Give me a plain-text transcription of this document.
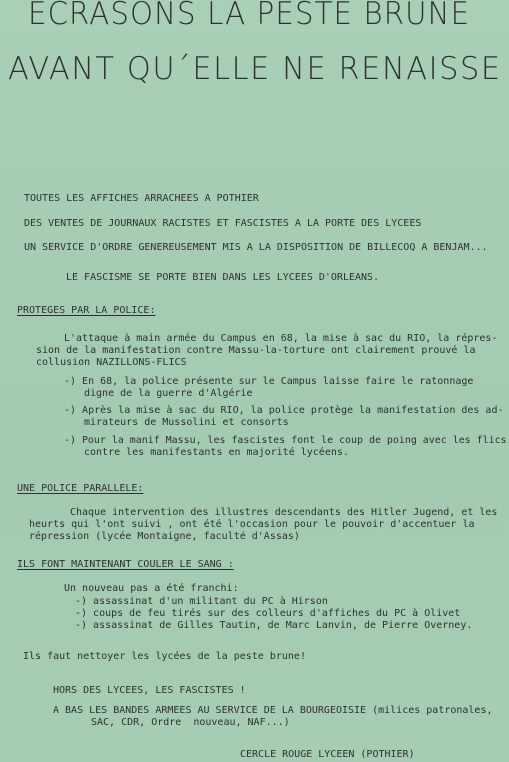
ECRASONS LA PESTE BRUNE
AVANT QU´ELLE NE RENAISSE
TOUTES LES AFFICHES ARRACHEES A POTHIER
DES VENTES DE JOURNAUX RACISTES ET FASCISTES A LA PORTE DES LYCEES
UN SERVICE D'ORDRE GENEREUSEMENT MIS A LA DISPOSITION DE BILLECOQ A BENJAM...
LE FASCISME SE PORTE BIEN DANS LES LYCEES D'ORLEANS.
PROTEGES PAR LA POLICE:
L'attaque à main armée du Campus en 68, la mise à sac du RIO, la répres-
sion de la manifestation contre Massu-la-torture ont clairement prouvé la
collusion NAZILLONS-FLICS
-) En 68, la police présente sur le Campus laisse faire le ratonnage
digne de la guerre d'Algérie
-) Après la mise à sac du RIO, la police protège la manifestation des ad-
mirateurs de Mussolini et consorts
-) Pour la manif Massu, les fascistes font le coup de poing avec les flics
contre les manifestants en majorité lycéens.
UNE POLICE PARALLELE:
Chaque intervention des illustres descendants des Hitler Jugend, et les
heurts qui l'ont suivi , ont été l'occasion pour le pouvoir d'accentuer la
répression (lycée Montaigne, faculté d'Assas)
ILS FONT MAINTENANT COULER LE SANG :
Un nouveau pas a été franchi:
-) assassinat d'un militant du PC à Hirson
-) coups de feu tirés sur des colleurs d'affiches du PC à Olivet
-) assassinat de Gilles Tautin, de Marc Lanvin, de Pierre Overney.
Ils faut nettoyer les lycées de la peste brune!
HORS DES LYCEES, LES FASCISTES !
A BAS LES BANDES ARMEES AU SERVICE DE LA BOURGEOISIE (milices patronales,
SAC, CDR, Ordre  nouveau, NAF...)
CERCLE ROUGE LYCEEN (POTHIER)
